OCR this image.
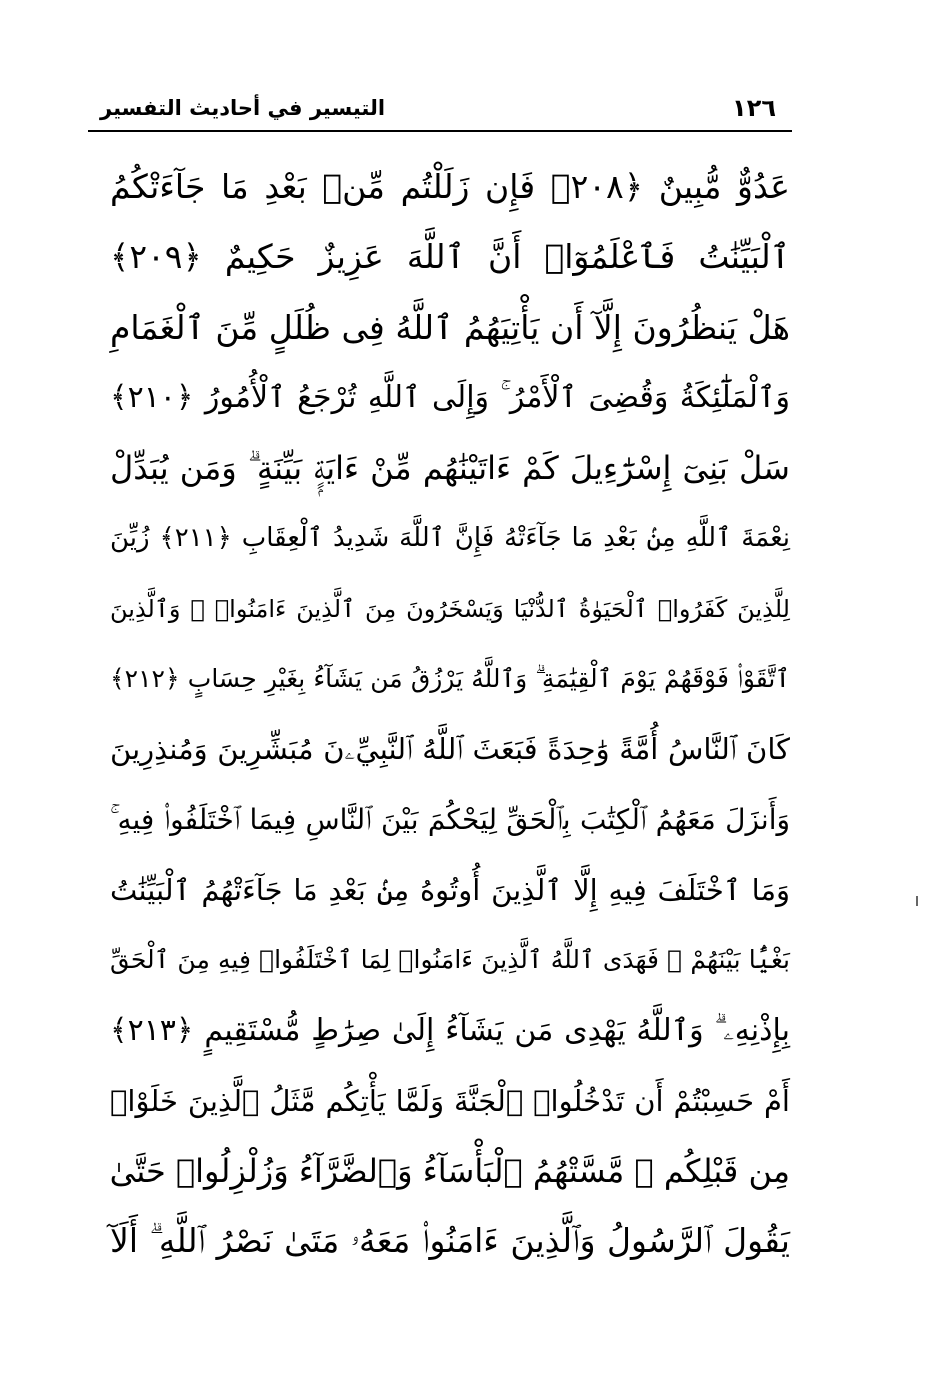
١٢٦
التيسير في أحاديث التفسير
عَدُوٌّ مُّبِينٌ ﴿٢٠٨﴾ فَإِن زَلَلْتُم مِّنۢ بَعْدِ مَا جَآءَتْكُمُ
ٱلْبَيِّنَٰتُ فَٱعْلَمُوٓا۟ أَنَّ ٱللَّهَ عَزِيزٌ حَكِيمٌ ﴿٢٠٩﴾
هَلْ يَنظُرُونَ إِلَّآ أَن يَأْتِيَهُمُ ٱللَّهُ فِى ظُلَلٍ مِّنَ ٱلْغَمَامِ
وَٱلْمَلَٰٓئِكَةُ وَقُضِىَ ٱلْأَمْرُ ۚ وَإِلَى ٱللَّهِ تُرْجَعُ ٱلْأُمُورُ ﴿٢١٠﴾
سَلْ بَنِىٓ إِسْرَٰٓءِيلَ كَمْ ءَاتَيْنَٰهُم مِّنْ ءَايَةٍۭ بَيِّنَةٍ ۗ وَمَن يُبَدِّلْ
نِعْمَةَ ٱللَّهِ مِنۢ بَعْدِ مَا جَآءَتْهُ فَإِنَّ ٱللَّهَ شَدِيدُ ٱلْعِقَابِ ﴿٢١١﴾ زُيِّنَ
لِلَّذِينَ كَفَرُوا۟ ٱلْحَيَوٰةُ ٱلدُّنْيَا وَيَسْخَرُونَ مِنَ ٱلَّذِينَ ءَامَنُوا۟ ۘ وَٱلَّذِينَ
ٱتَّقَوْا۟ فَوْقَهُمْ يَوْمَ ٱلْقِيَٰمَةِ ۗ وَٱللَّهُ يَرْزُقُ مَن يَشَآءُ بِغَيْرِ حِسَابٍ ﴿٢١٢﴾
كَانَ ٱلنَّاسُ أُمَّةً وَٰحِدَةً فَبَعَثَ ٱللَّهُ ٱلنَّبِيِّۦنَ مُبَشِّرِينَ وَمُنذِرِينَ
وَأَنزَلَ مَعَهُمُ ٱلْكِتَٰبَ بِٱلْحَقِّ لِيَحْكُمَ بَيْنَ ٱلنَّاسِ فِيمَا ٱخْتَلَفُوا۟ فِيهِ ۚ
وَمَا ٱخْتَلَفَ فِيهِ إِلَّا ٱلَّذِينَ أُوتُوهُ مِنۢ بَعْدِ مَا جَآءَتْهُمُ ٱلْبَيِّنَٰتُ
بَغْيًۢا بَيْنَهُمْ ۖ فَهَدَى ٱللَّهُ ٱلَّذِينَ ءَامَنُوا۟ لِمَا ٱخْتَلَفُوا۟ فِيهِ مِنَ ٱلْحَقِّ
بِإِذْنِهِۦ ۗ وَٱللَّهُ يَهْدِى مَن يَشَآءُ إِلَىٰ صِرَٰطٍ مُّسْتَقِيمٍ ﴿٢١٣﴾
أَمْ حَسِبْتُمْ أَن تَدْخُلُوا۟ ٱلْجَنَّةَ وَلَمَّا يَأْتِكُم مَّثَلُ ٱلَّذِينَ خَلَوْا۟
مِن قَبْلِكُم ۖ مَّسَّتْهُمُ ٱلْبَأْسَآءُ وَٱلضَّرَّآءُ وَزُلْزِلُوا۟ حَتَّىٰ
يَقُولَ ٱلرَّسُولُ وَٱلَّذِينَ ءَامَنُوا۟ مَعَهُۥ مَتَىٰ نَصْرُ ٱللَّهِ ۗ أَلَآ
